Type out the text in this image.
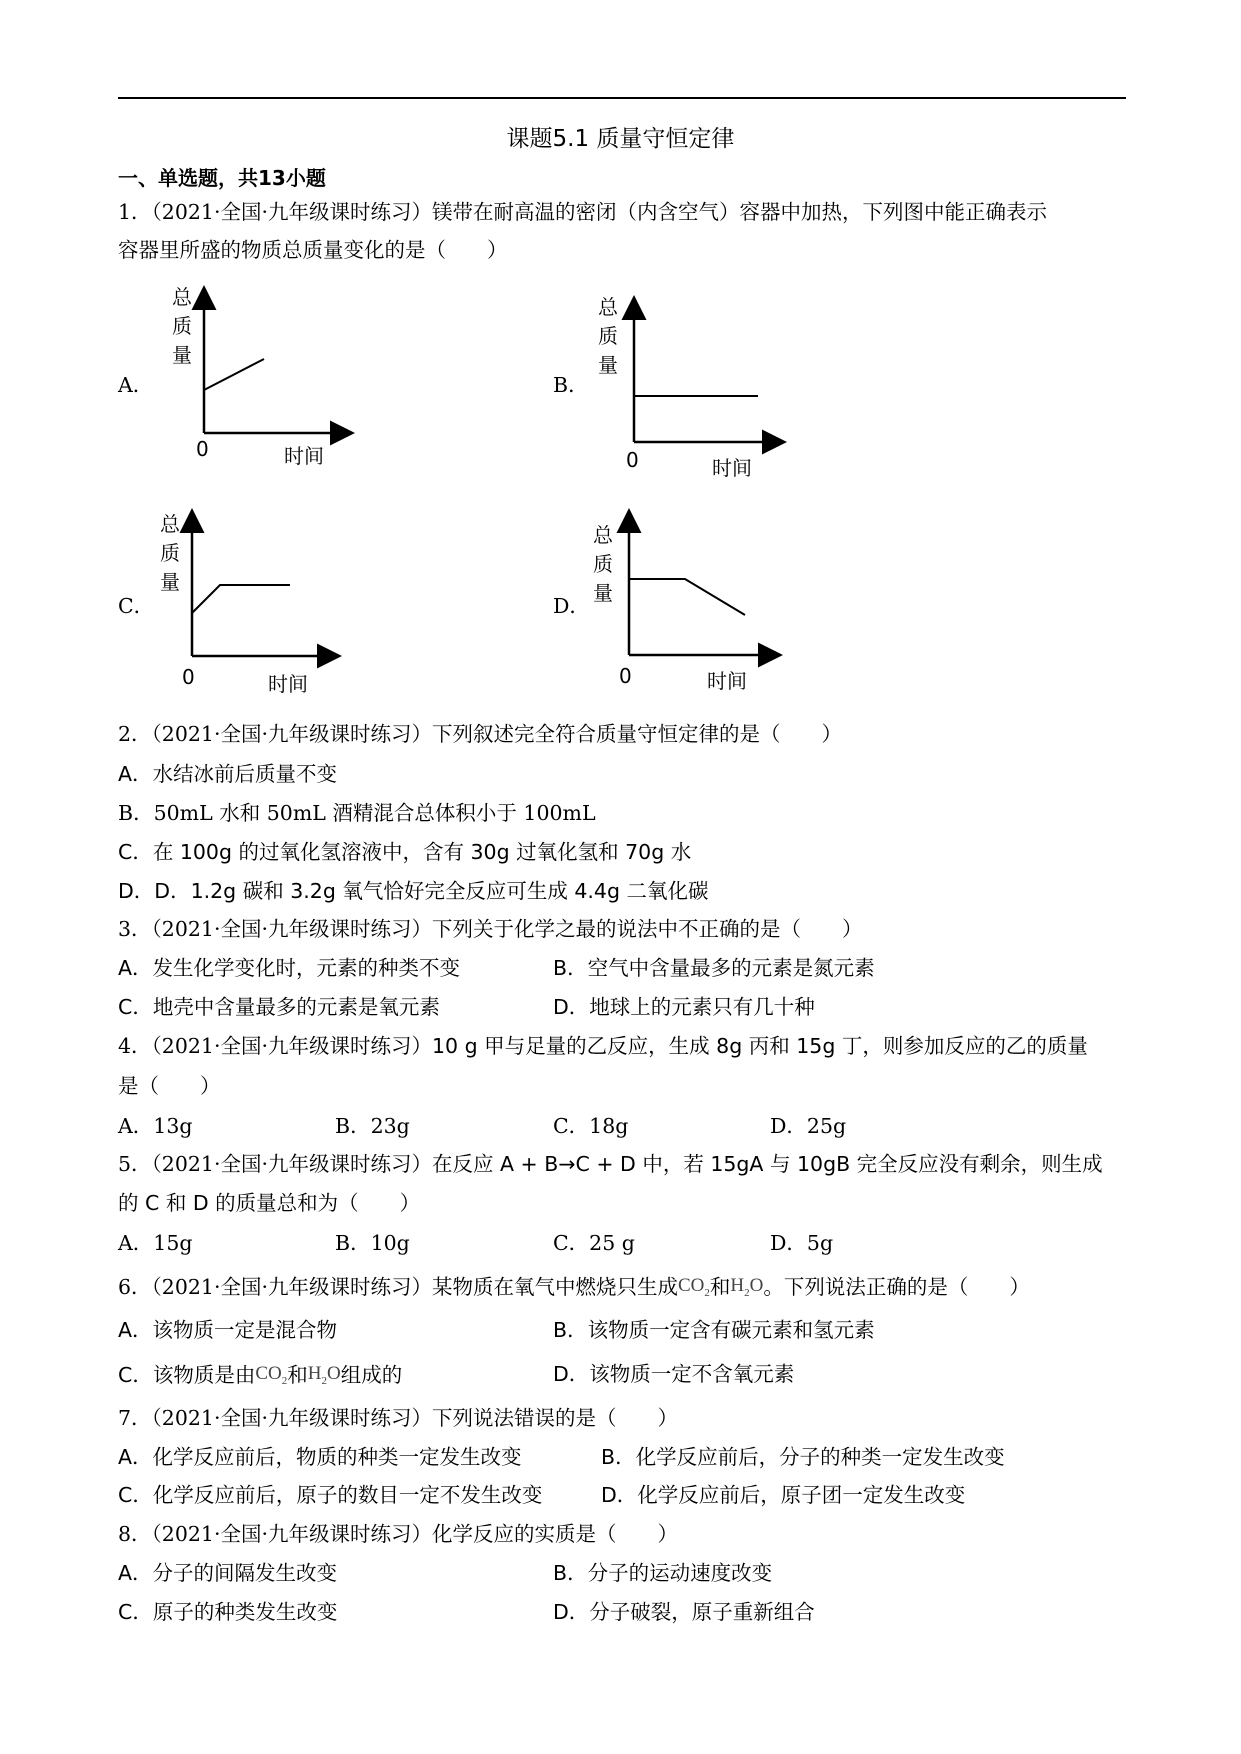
课题5.1 质量守恒定律
一、单选题，共13小题
1．（2021·全国·九年级课时练习）镁带在耐高温的密闭（内含空气）容器中加热，下列图中能正确表示
容器里所盛的物质总质量变化的是（　　）
A．	B．
C．	D．
总
质
量
0	时间
总
质
量
0	时间
总
质
量
0	时间
总
质
量
0	时间
2．（2021·全国·九年级课时练习）下列叙述完全符合质量守恒定律的是（　　）
A．水结冰前后质量不变
B．50mL 水和 50mL 酒精混合总体积小于 100mL
C．在 100g 的过氧化氢溶液中，含有 30g 过氧化氢和 70g 水
D．D．1.2g 碳和 3.2g 氧气恰好完全反应可生成 4.4g 二氧化碳
3．（2021·全国·九年级课时练习）下列关于化学之最的说法中不正确的是（　　）
A．发生化学变化时，元素的种类不变	B．空气中含量最多的元素是氮元素
C．地壳中含量最多的元素是氧元素	D．地球上的元素只有几十种
4．（2021·全国·九年级课时练习）10 g 甲与足量的乙反应，生成 8g 丙和 15g 丁，则参加反应的乙的质量
是（　　）
A．13g	B．23g	C．18g	D．25g
5．（2021·全国·九年级课时练习）在反应 A + B→C + D 中，若 15gA 与 10gB 完全反应没有剩余，则生成
的 C 和 D 的质量总和为（　　）
A．15g	B．10g	C．25 g	D．5g
6．（2021·全国·九年级课时练习）某物质在氧气中燃烧只生成$CO_2$和$H_2O$。下列说法正确的是（　　）
A．该物质一定是混合物	B．该物质一定含有碳元素和氢元素
C．该物质是由$CO_2$和$H_2O$组成的	D．该物质一定不含氧元素
7．（2021·全国·九年级课时练习）下列说法错误的是（　　）
A．化学反应前后，物质的种类一定发生改变	B．化学反应前后，分子的种类一定发生改变
C．化学反应前后，原子的数目一定不发生改变	D．化学反应前后，原子团一定发生改变
8．（2021·全国·九年级课时练习）化学反应的实质是（　　）
A．分子的间隔发生改变	B．分子的运动速度改变
C．原子的种类发生改变	D．分子破裂，原子重新组合
